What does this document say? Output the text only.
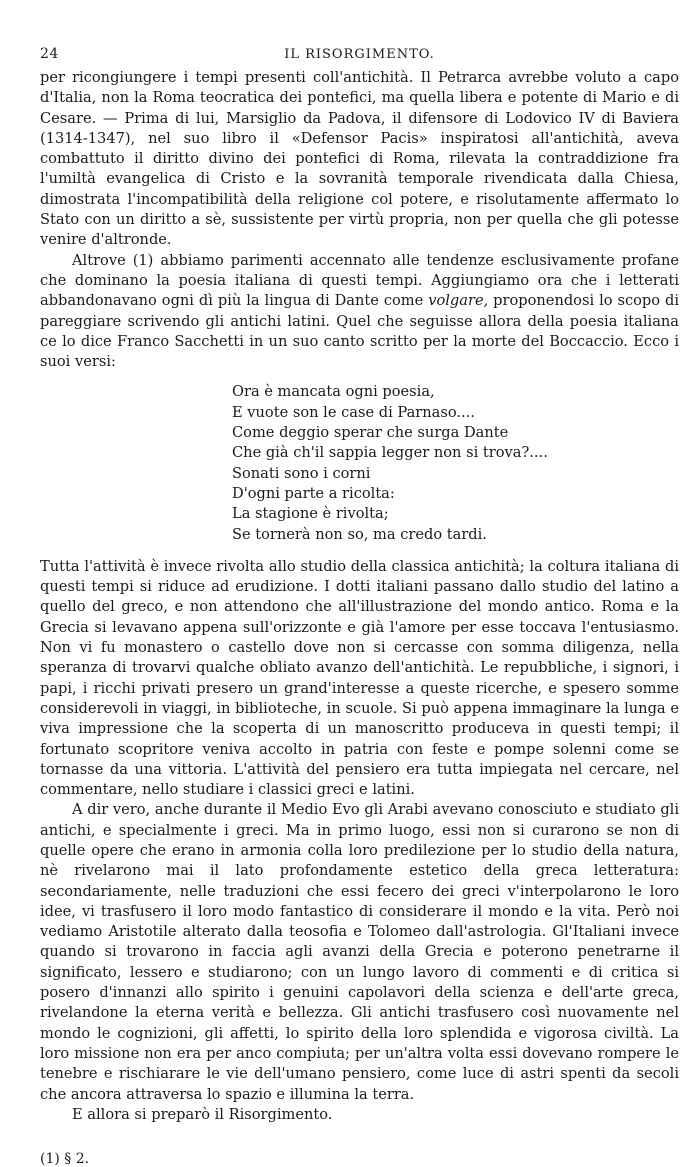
24	IL RISORGIMENTO.

per ricongiungere i tempi presenti coll'antichità. Il Petrarca avrebbe voluto a capo d'Italia, non la Roma teocratica dei pontefici, ma quella libera e potente di Mario e di Cesare. — Prima di lui, Marsiglio da Padova, il difensore di Lodovico IV di Baviera (1314-1347), nel suo libro il «Defensor Pacis» inspiratosi all'antichità, aveva combattuto il diritto divino dei pontefici di Roma, rilevata la contraddizione fra l'umiltà evangelica di Cristo e la sovranità temporale rivendicata dalla Chiesa, dimostrata l'incompatibilità della religione col potere, e risolutamente affermato lo Stato con un diritto a sè, sussistente per virtù propria, non per quella che gli potesse venire d'altronde.

Altrove (1) abbiamo parimenti accennato alle tendenze esclusivamente profane che dominano la poesia italiana di questi tempi. Aggiungiamo ora che i letterati abbandonavano ogni dì più la lingua di Dante come volgare, proponendosi lo scopo di pareggiare scrivendo gli antichi latini. Quel che seguisse allora della poesia italiana ce lo dice Franco Sacchetti in un suo canto scritto per la morte del Boccaccio. Ecco i suoi versi:

Ora è mancata ogni poesia,
E vuote son le case di Parnaso....
Come deggio sperar che surga Dante
Che già ch'il sappia legger non si trova?....
Sonati sono i corni
D'ogni parte a ricolta:
La stagione è rivolta;
Se tornerà non so, ma credo tardi.

Tutta l'attività è invece rivolta allo studio della classica antichità; la coltura italiana di questi tempi si riduce ad erudizione. I dotti italiani passano dallo studio del latino a quello del greco, e non attendono che all'illustrazione del mondo antico. Roma e la Grecia si levavano appena sull'orizzonte e già l'amore per esse toccava l'entusiasmo. Non vi fu monastero o castello dove non si cercasse con somma diligenza, nella speranza di trovarvi qualche obliato avanzo dell'antichità. Le repubbliche, i signori, i papi, i ricchi privati presero un grand'interesse a queste ricerche, e spesero somme considerevoli in viaggi, in biblioteche, in scuole. Si può appena immaginare la lunga e viva impressione che la scoperta di un manoscritto produceva in questi tempi; il fortunato scopritore veniva accolto in patria con feste e pompe solenni come se tornasse da una vittoria. L'attività del pensiero era tutta impiegata nel cercare, nel commentare, nello studiare i classici greci e latini.

A dir vero, anche durante il Medio Evo gli Arabi avevano conosciuto e studiato gli antichi, e specialmente i greci. Ma in primo luogo, essi non si curarono se non di quelle opere che erano in armonia colla loro predilezione per lo studio della natura, nè rivelarono mai il lato profondamente estetico della greca letteratura: secondariamente, nelle traduzioni che essi fecero dei greci v'interpolarono le loro idee, vi trasfusero il loro modo fantastico di considerare il mondo e la vita. Però noi vediamo Aristotile alterato dalla teosofia e Tolomeo dall'astrologia. Gl'Italiani invece quando si trovarono in faccia agli avanzi della Grecia e poterono penetrarne il significato, lessero e studiarono; con un lungo lavoro di commenti e di critica si posero d'innanzi allo spirito i genuini capolavori della scienza e dell'arte greca, rivelandone la eterna verità e bellezza. Gli antichi trasfusero così nuovamente nel mondo le cognizioni, gli affetti, lo spirito della loro splendida e vigorosa civiltà. La loro missione non era per anco compiuta; per un'altra volta essi dovevano rompere le tenebre e rischiarare le vie dell'umano pensiero, come luce di astri spenti da secoli che ancora attraversa lo spazio e illumina la terra.

E allora si preparò il Risorgimento.

(1) § 2.
